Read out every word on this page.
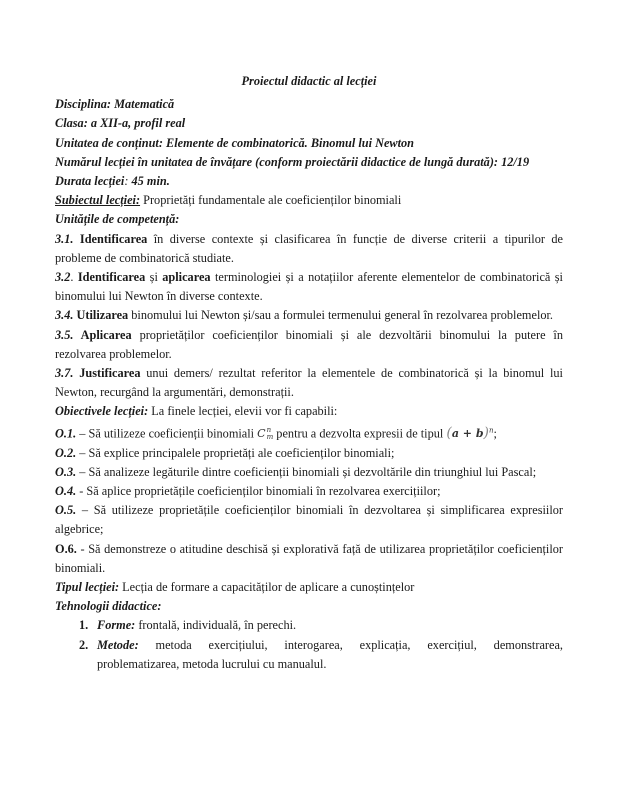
Proiectul didactic al lecției

Disciplina: Matematică

Clasa: a XII-a, profil real

Unitatea de conținut: Elemente de combinatorică. Binomul lui Newton

Numărul lecției în unitatea de învățare (conform proiectării didactice de lungă durată): 12/19

Durata lecției: 45 min.

Subiectul lecției: Proprietăți fundamentale ale coeficienților binomiali

Unitățile de competență:

3.1. Identificarea în diverse contexte și clasificarea în funcție de diverse criterii a tipurilor de probleme de combinatorică studiate.

3.2. Identificarea și aplicarea terminologiei și a notațiilor aferente elementelor de combinatorică și binomului lui Newton în diverse contexte.

3.4. Utilizarea binomului lui Newton și/sau a formulei termenului general în rezolvarea problemelor.

3.5. Aplicarea proprietăților coeficienților binomiali și ale dezvoltării binomului la putere în rezolvarea problemelor.

3.7. Justificarea unui demers/ rezultat referitor la elementele de combinatorică și la binomul lui Newton, recurgând la argumentări, demonstrații.

Obiectivele lecției: La finele lecției, elevii vor fi capabili:

O.1. – Să utilizeze coeficienții binomiali C n
m pentru a dezvolta expresii de tipul $(a + b)^n$;

O.2. – Să explice principalele proprietăți ale coeficienților binomiali;

O.3. – Să analizeze legăturile dintre coeficienții binomiali și dezvoltările din triunghiul lui Pascal;

O.4. - Să aplice proprietățile coeficienților binomiali în rezolvarea exercițiilor;

O.5. – Să utilizeze proprietățile coeficienților binomiali în dezvoltarea și simplificarea expresiilor algebrice;

O.6. - Să demonstreze o atitudine deschisă și explorativă față de utilizarea proprietăților coeficienților binomiali.

Tipul lecției: Lecția de formare a capacităților de aplicare a cunoștințelor

Tehnologii didactice:

1. Forme: frontală, individuală, în perechi.

2. Metode: metoda exercițiului, interogarea, explicația, exercițiul, demonstrarea, problematizarea, metoda lucrului cu manualul.
